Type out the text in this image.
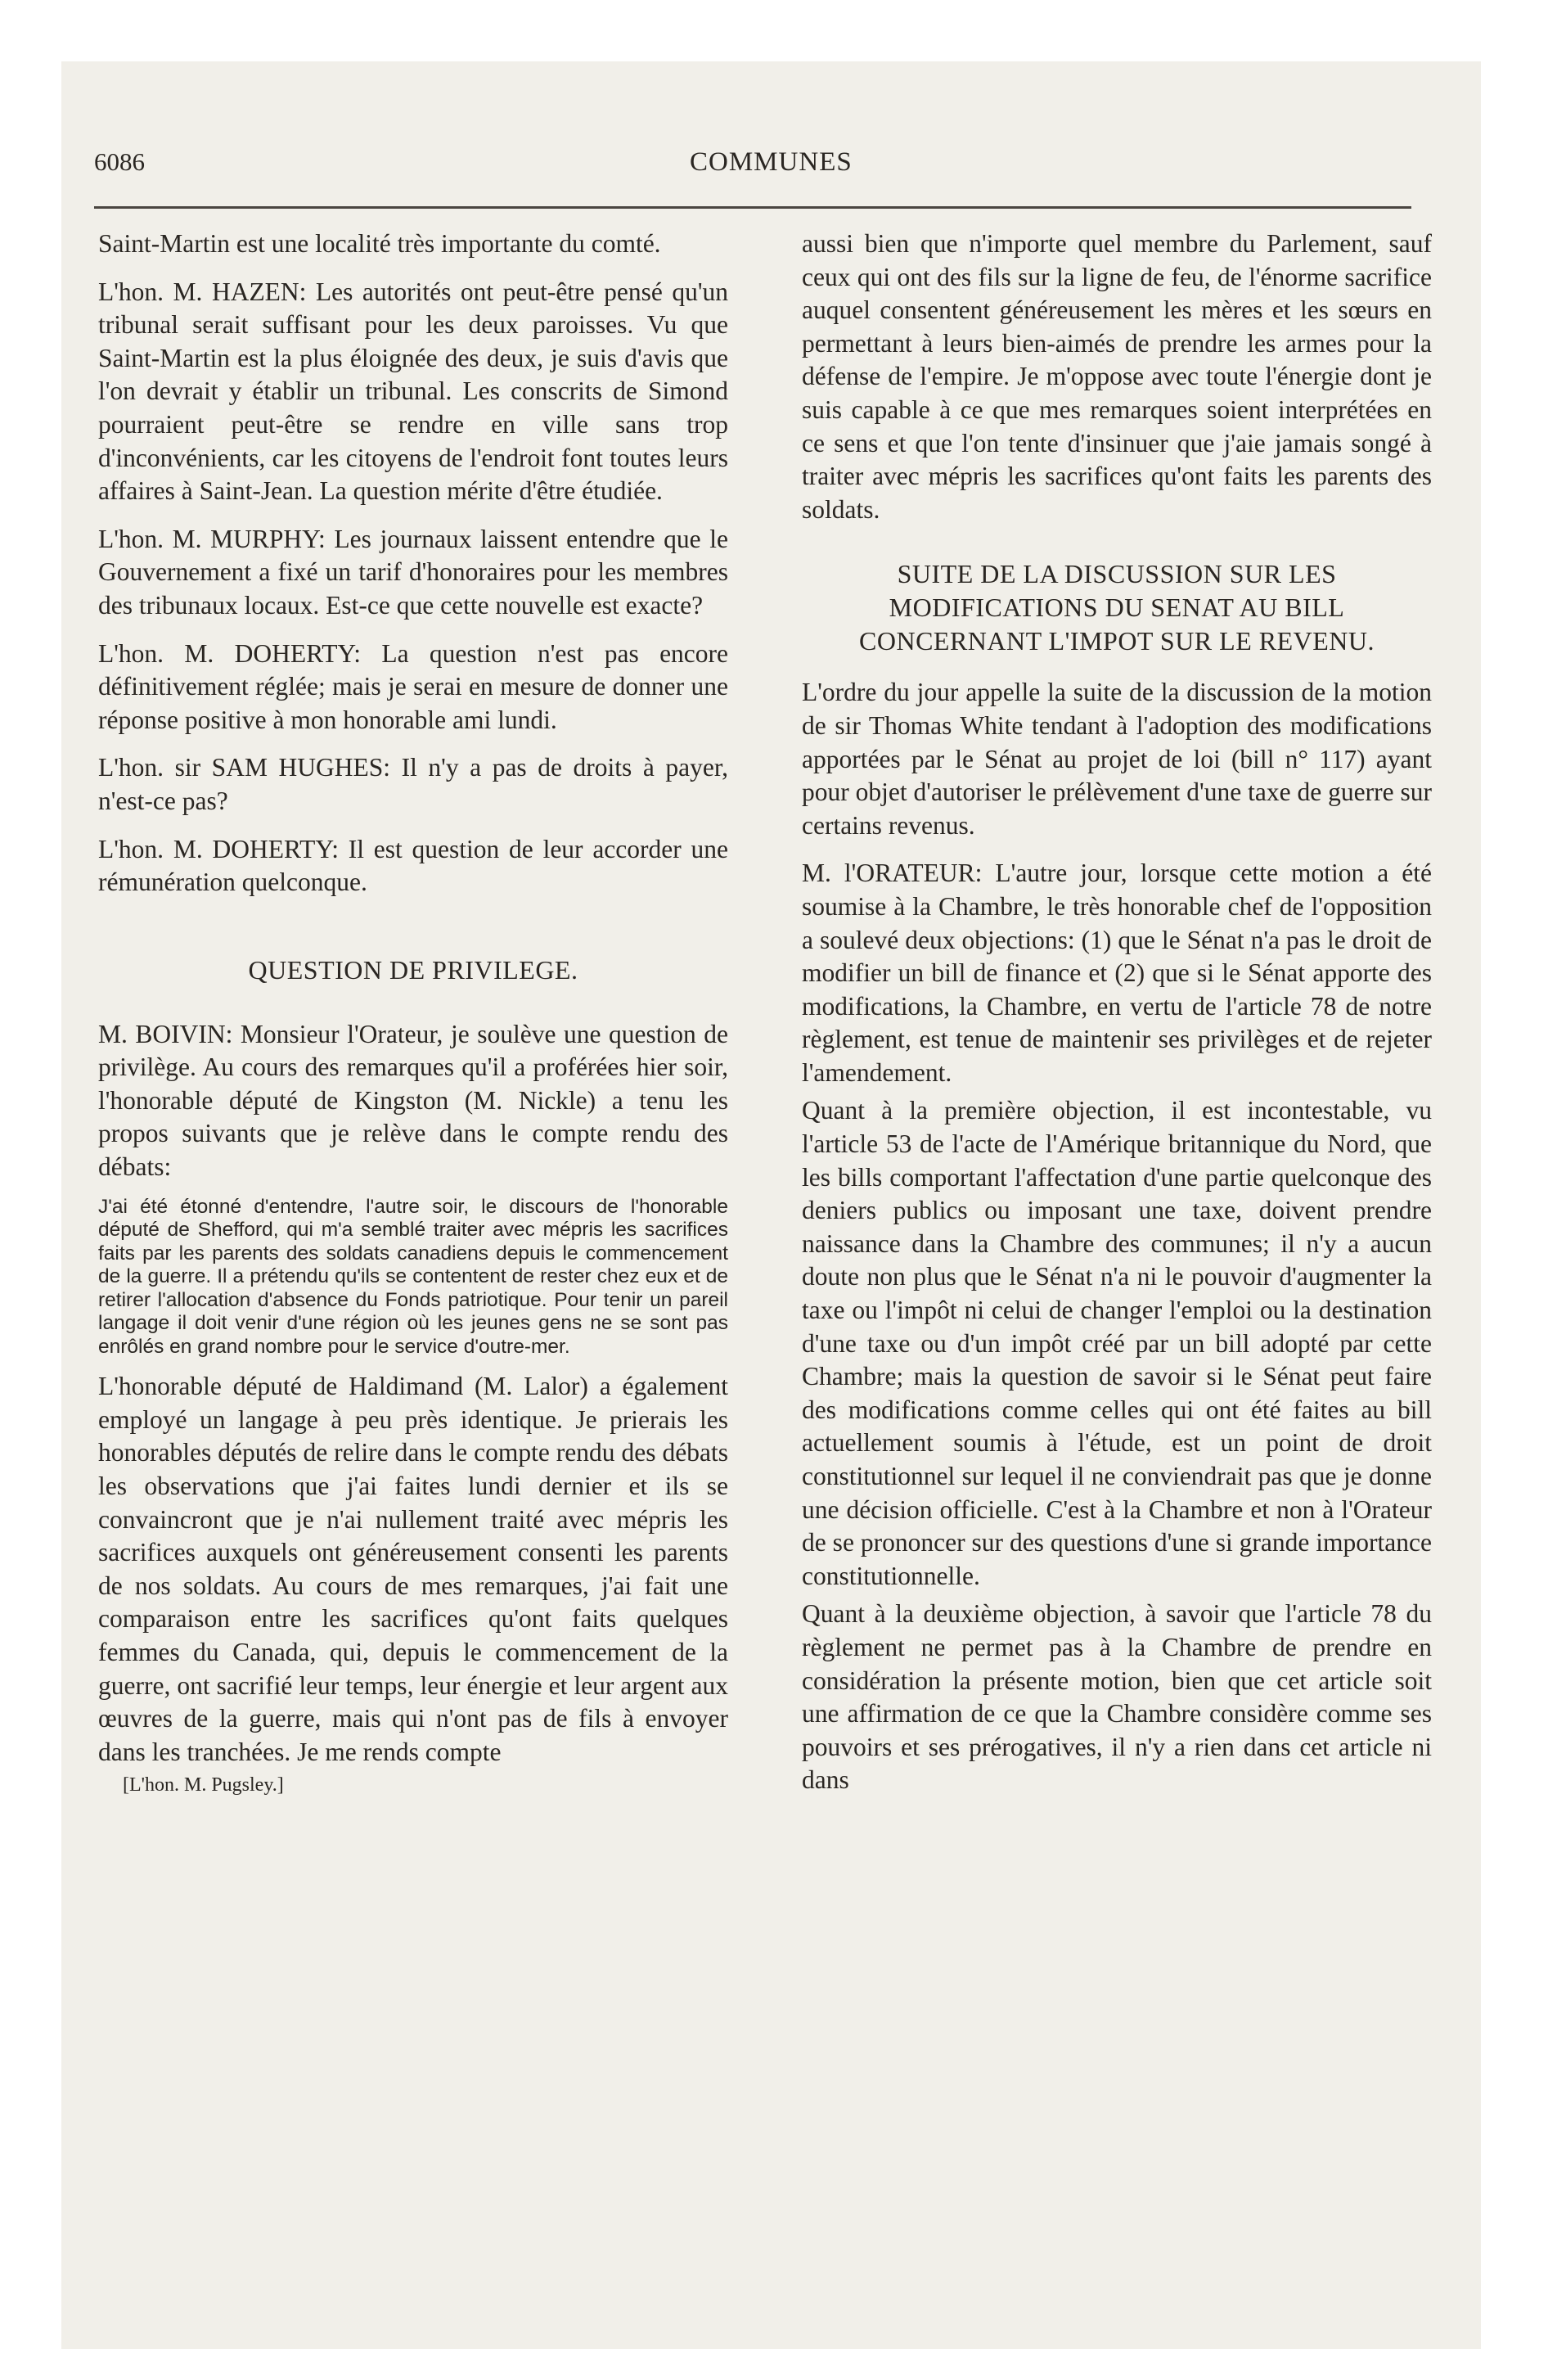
6086	COMMUNES

Saint-Martin est une localité très importante du comté.

L'hon. M. HAZEN: Les autorités ont peut-être pensé qu'un tribunal serait suffisant pour les deux paroisses. Vu que Saint-Martin est la plus éloignée des deux, je suis d'avis que l'on devrait y établir un tribunal. Les conscrits de Simond pourraient peut-être se rendre en ville sans trop d'inconvénients, car les citoyens de l'endroit font toutes leurs affaires à Saint-Jean. La question mérite d'être étudiée.

L'hon. M. MURPHY: Les journaux laissent entendre que le Gouvernement a fixé un tarif d'honoraires pour les membres des tribunaux locaux. Est-ce que cette nouvelle est exacte?

L'hon. M. DOHERTY: La question n'est pas encore définitivement réglée; mais je serai en mesure de donner une réponse positive à mon honorable ami lundi.

L'hon. sir SAM HUGHES: Il n'y a pas de droits à payer, n'est-ce pas?

L'hon. M. DOHERTY: Il est question de leur accorder une rémunération quelconque.

QUESTION DE PRIVILEGE.

M. BOIVIN: Monsieur l'Orateur, je soulève une question de privilège. Au cours des remarques qu'il a proférées hier soir, l'honorable député de Kingston (M. Nickle) a tenu les propos suivants que je relève dans le compte rendu des débats:

J'ai été étonné d'entendre, l'autre soir, le discours de l'honorable député de Shefford, qui m'a semblé traiter avec mépris les sacrifices faits par les parents des soldats canadiens depuis le commencement de la guerre. Il a prétendu qu'ils se contentent de rester chez eux et de retirer l'allocation d'absence du Fonds patriotique. Pour tenir un pareil langage il doit venir d'une région où les jeunes gens ne se sont pas enrôlés en grand nombre pour le service d'outre-mer.

L'honorable député de Haldimand (M. Lalor) a également employé un langage à peu près identique. Je prierais les honorables députés de relire dans le compte rendu des débats les observations que j'ai faites lundi dernier et ils se convaincront que je n'ai nullement traité avec mépris les sacrifices auxquels ont généreusement consenti les parents de nos soldats. Au cours de mes remarques, j'ai fait une comparaison entre les sacrifices qu'ont faits quelques femmes du Canada, qui, depuis le commencement de la guerre, ont sacrifié leur temps, leur énergie et leur argent aux œuvres de la guerre, mais qui n'ont pas de fils à envoyer dans les tranchées. Je me rends compte

[L'hon. M. Pugsley.]

aussi bien que n'importe quel membre du Parlement, sauf ceux qui ont des fils sur la ligne de feu, de l'énorme sacrifice auquel consentent généreusement les mères et les sœurs en permettant à leurs bien-aimés de prendre les armes pour la défense de l'empire. Je m'oppose avec toute l'énergie dont je suis capable à ce que mes remarques soient interprétées en ce sens et que l'on tente d'insinuer que j'aie jamais songé à traiter avec mépris les sacrifices qu'ont faits les parents des soldats.

SUITE DE LA DISCUSSION SUR LES MODIFICATIONS DU SENAT AU BILL CONCERNANT L'IMPOT SUR LE REVENU.

L'ordre du jour appelle la suite de la discussion de la motion de sir Thomas White tendant à l'adoption des modifications apportées par le Sénat au projet de loi (bill n° 117) ayant pour objet d'autoriser le prélèvement d'une taxe de guerre sur certains revenus.

M. l'ORATEUR: L'autre jour, lorsque cette motion a été soumise à la Chambre, le très honorable chef de l'opposition a soulevé deux objections: (1) que le Sénat n'a pas le droit de modifier un bill de finance et (2) que si le Sénat apporte des modifications, la Chambre, en vertu de l'article 78 de notre règlement, est tenue de maintenir ses privilèges et de rejeter l'amendement.

Quant à la première objection, il est incontestable, vu l'article 53 de l'acte de l'Amérique britannique du Nord, que les bills comportant l'affectation d'une partie quelconque des deniers publics ou imposant une taxe, doivent prendre naissance dans la Chambre des communes; il n'y a aucun doute non plus que le Sénat n'a ni le pouvoir d'augmenter la taxe ou l'impôt ni celui de changer l'emploi ou la destination d'une taxe ou d'un impôt créé par un bill adopté par cette Chambre; mais la question de savoir si le Sénat peut faire des modifications comme celles qui ont été faites au bill actuellement soumis à l'étude, est un point de droit constitutionnel sur lequel il ne conviendrait pas que je donne une décision officielle. C'est à la Chambre et non à l'Orateur de se prononcer sur des questions d'une si grande importance constitutionnelle.

Quant à la deuxième objection, à savoir que l'article 78 du règlement ne permet pas à la Chambre de prendre en considération la présente motion, bien que cet article soit une affirmation de ce que la Chambre considère comme ses pouvoirs et ses prérogatives, il n'y a rien dans cet article ni dans
